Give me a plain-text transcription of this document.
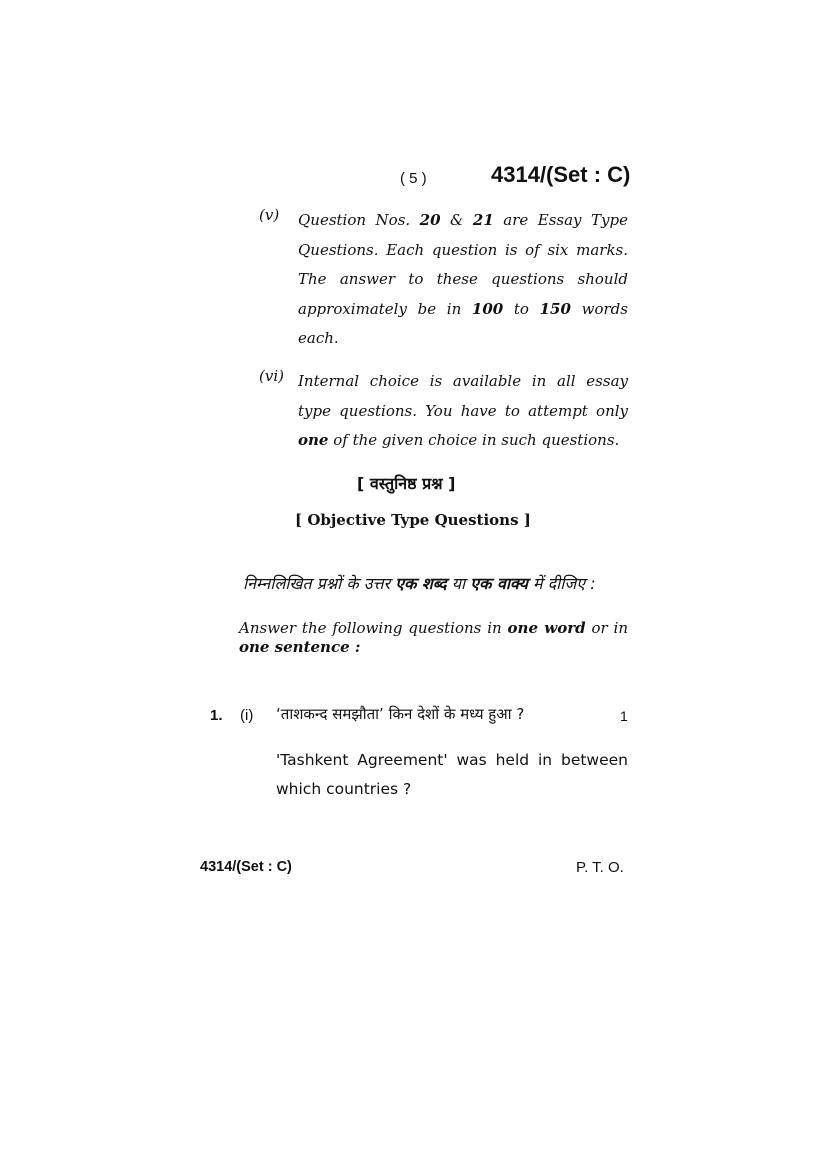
( 5 )	4314/(Set : C)
(v) Question Nos. 20 & 21 are Essay Type
Questions. Each question is of six marks.
The answer to these questions should
approximately be in 100 to 150 words
each.
(vi) Internal choice is available in all essay
type questions. You have to attempt only
one of the given choice in such questions.
[ वस्तुनिष्ठ प्रश्न ]
[ Objective Type Questions ]
निम्नलिखित प्रश्नों के उत्तर एक शब्द या एक वाक्य में दीजिए :
Answer the following questions in one word or in
one sentence :
1. (i) ‘ताशकन्द समझौता’ किन देशों के मध्य हुआ ?	1
'Tashkent Agreement' was held in between
which countries ?
4314/(Set : C)	P. T. O.
